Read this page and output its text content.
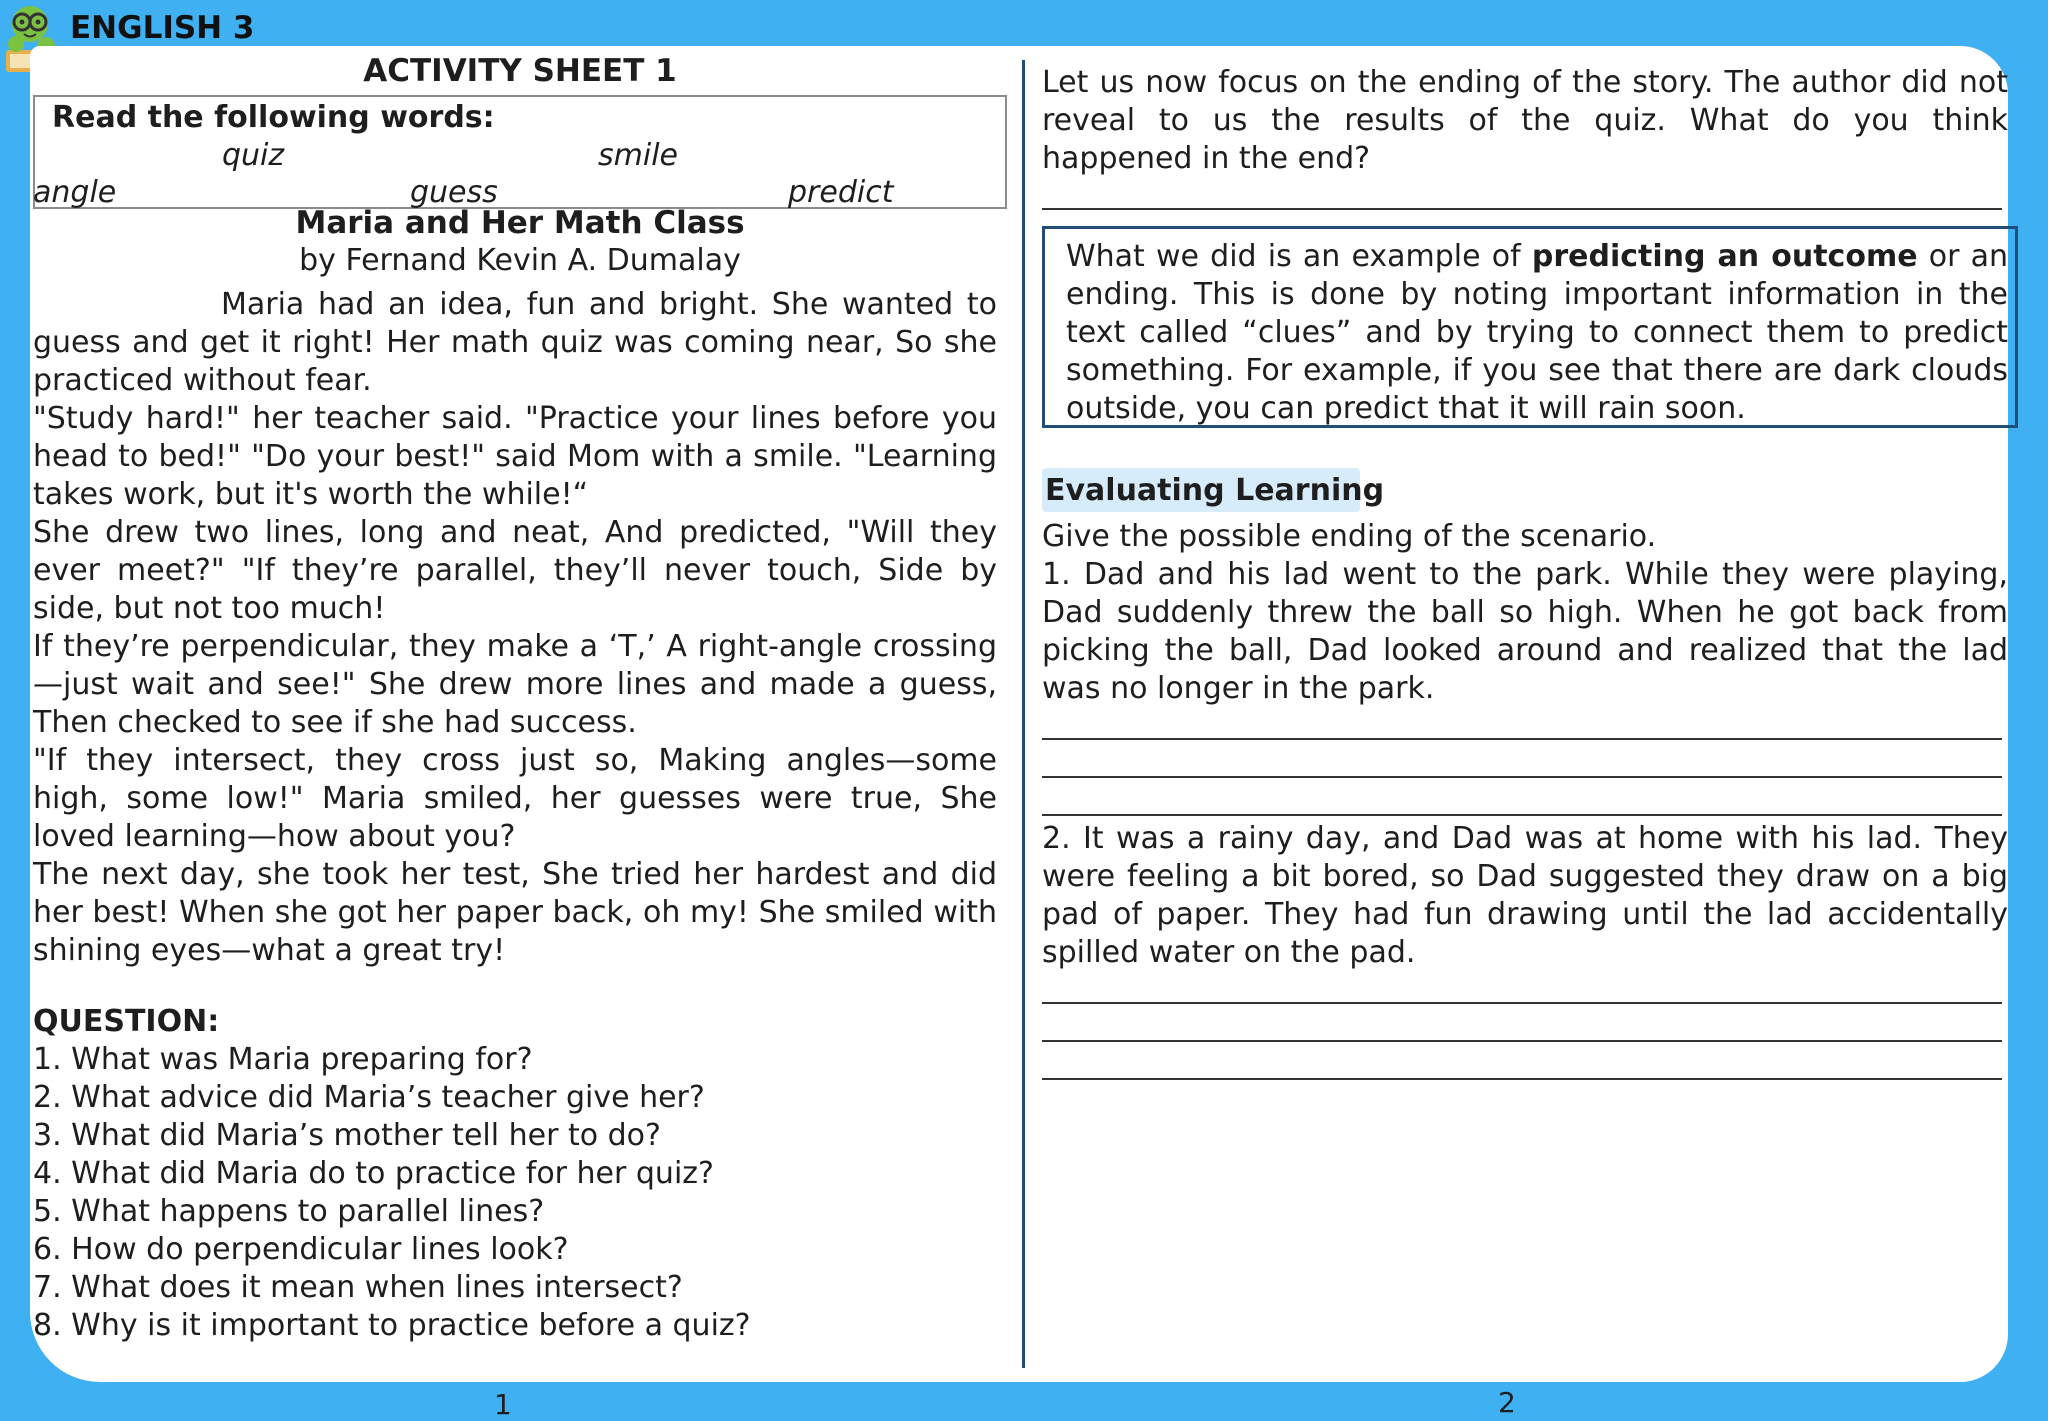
ENGLISH 3
ACTIVITY SHEET 1
Read the following words:
quiz	smile
angle	guess	predict
Maria and Her Math Class
by Fernand Kevin A. Dumalay
Maria had an idea, fun and bright. She wanted to guess and get it right! Her math quiz was coming near, So she practiced without fear.
"Study hard!" her teacher said. "Practice your lines before you head to bed!" "Do your best!" said Mom with a smile. "Learning takes work, but it's worth the while!“
She drew two lines, long and neat, And predicted, "Will they ever meet?" "If they’re parallel, they’ll never touch, Side by side, but not too much!
If they’re perpendicular, they make a ‘T,’ A right-angle crossing —just wait and see!" She drew more lines and made a guess, Then checked to see if she had success.
"If they intersect, they cross just so, Making angles—some high, some low!" Maria smiled, her guesses were true, She loved learning—how about you?
The next day, she took her test, She tried her hardest and did her best! When she got her paper back, oh my! She smiled with shining eyes—what a great try!
QUESTION:
1. What was Maria preparing for?
2. What advice did Maria’s teacher give her?
3. What did Maria’s mother tell her to do?
4. What did Maria do to practice for her quiz?
5. What happens to parallel lines?
6. How do perpendicular lines look?
7. What does it mean when lines intersect?
8. Why is it important to practice before a quiz?
1
Let us now focus on the ending of the story. The author did not reveal to us the results of the quiz. What do you think happened in the end?
What we did is an example of predicting an outcome or an ending. This is done by noting important information in the text called “clues” and by trying to connect them to predict something. For example, if you see that there are dark clouds outside, you can predict that it will rain soon.
Evaluating Learning
Give the possible ending of the scenario.
1. Dad and his lad went to the park. While they were playing, Dad suddenly threw the ball so high. When he got back from picking the ball, Dad looked around and realized that the lad was no longer in the park.
2. It was a rainy day, and Dad was at home with his lad. They were feeling a bit bored, so Dad suggested they draw on a big pad of paper. They had fun drawing until the lad accidentally spilled water on the pad.
2
